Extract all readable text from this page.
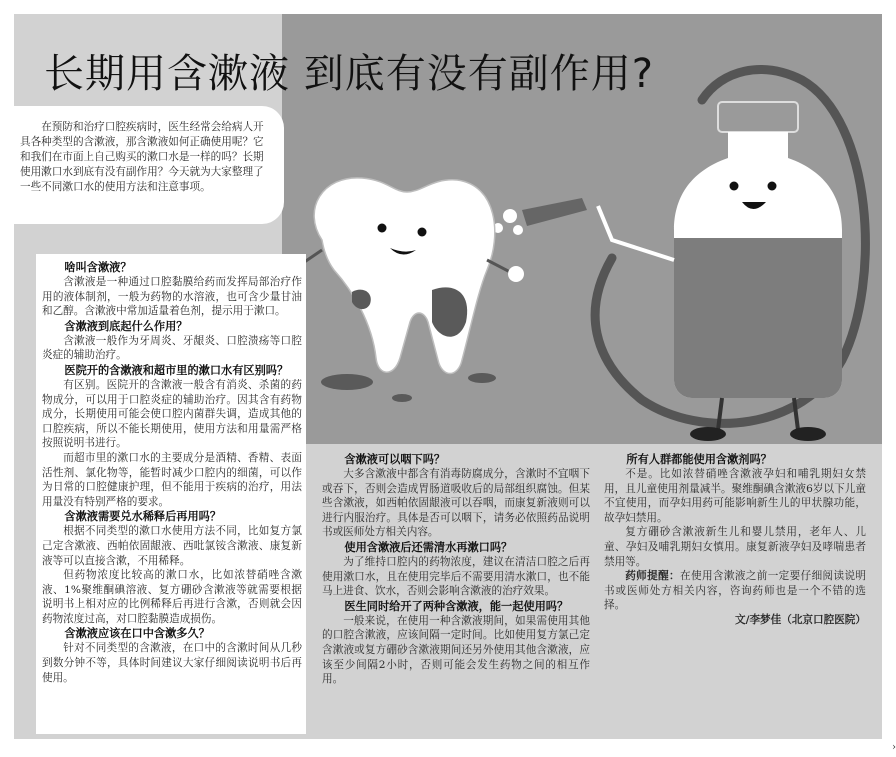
长期用含漱液 到底有没有副作用?
在预防和治疗口腔疾病时，医生经常会给病人开具各种类型的含漱液，那含漱液如何正确使用呢？它和我们在市面上自己购买的漱口水是一样的吗？长期使用漱口水到底有没有副作用？今天就为大家整理了一些不同漱口水的使用方法和注意事项。
啥叫含漱液？

含漱液是一种通过口腔黏膜给药而发挥局部治疗作用的液体制剂，一般为药物的水溶液，也可含少量甘油和乙醇。含漱液中常加适量着色剂，提示用于漱口。

含漱液到底起什么作用？

含漱液一般作为牙周炎、牙龈炎、口腔溃疡等口腔炎症的辅助治疗。

医院开的含漱液和超市里的漱口水有区别吗？

有区别。医院开的含漱液一般含有消炎、杀菌的药物成分，可以用于口腔炎症的辅助治疗。因其含有药物成分，长期使用可能会使口腔内菌群失调，造成其他的口腔疾病，所以不能长期使用，使用方法和用量需严格按照说明书进行。

而超市里的漱口水的主要成分是酒精、香精、表面活性剂、氯化物等，能暂时减少口腔内的细菌，可以作为日常的口腔健康护理，但不能用于疾病的治疗，用法用量没有特别严格的要求。

含漱液需要兑水稀释后再用吗？

根据不同类型的漱口水使用方法不同，比如复方氯己定含漱液、西帕依固龈液、西吡氯铵含漱液、康复新液等可以直接含漱，不用稀释。

但药物浓度比较高的漱口水，比如浓替硝唑含漱液、1%聚维酮碘溶液、复方硼砂含漱液等就需要根据说明书上相对应的比例稀释后再进行含漱，否则就会因药物浓度过高，对口腔黏膜造成损伤。

含漱液应该在口中含漱多久？

针对不同类型的含漱液，在口中的含漱时间从几秒到数分钟不等，具体时间建议大家仔细阅读说明书后再使用。

含漱液可以咽下吗？

大多含漱液中都含有消毒防腐成分，含漱时不宜咽下或吞下，否则会造成胃肠道吸收后的局部组织腐蚀。但某些含漱液，如西帕依固龈液可以吞咽，而康复新液则可以进行内服治疗。具体是否可以咽下，请务必依照药品说明书或医师处方相关内容。

使用含漱液后还需清水再漱口吗？

为了维持口腔内的药物浓度，建议在清洁口腔之后再使用漱口水，且在使用完毕后不需要用清水漱口，也不能马上进食、饮水，否则会影响含漱液的治疗效果。

医生同时给开了两种含漱液，能一起使用吗？

一般来说，在使用一种含漱液期间，如果需使用其他的口腔含漱液，应该间隔一定时间。比如使用复方氯己定含漱液或复方硼砂含漱液期间还另外使用其他含漱液，应该至少间隔2小时，否则可能会发生药物之间的相互作用。

所有人群都能使用含漱剂吗？

不是。比如浓替硝唑含漱液孕妇和哺乳期妇女禁用，且儿童使用剂量减半。聚维酮碘含漱液6岁以下儿童不宜使用，而孕妇用药可能影响新生儿的甲状腺功能，故孕妇禁用。

复方硼砂含漱液新生儿和婴儿禁用，老年人、儿童、孕妇及哺乳期妇女慎用。康复新液孕妇及哮喘患者禁用等。

药师提醒：在使用含漱液之前一定要仔细阅读说明书或医师处方相关内容，咨询药师也是一个不错的选择。

文/李梦佳（北京口腔医院）
›
